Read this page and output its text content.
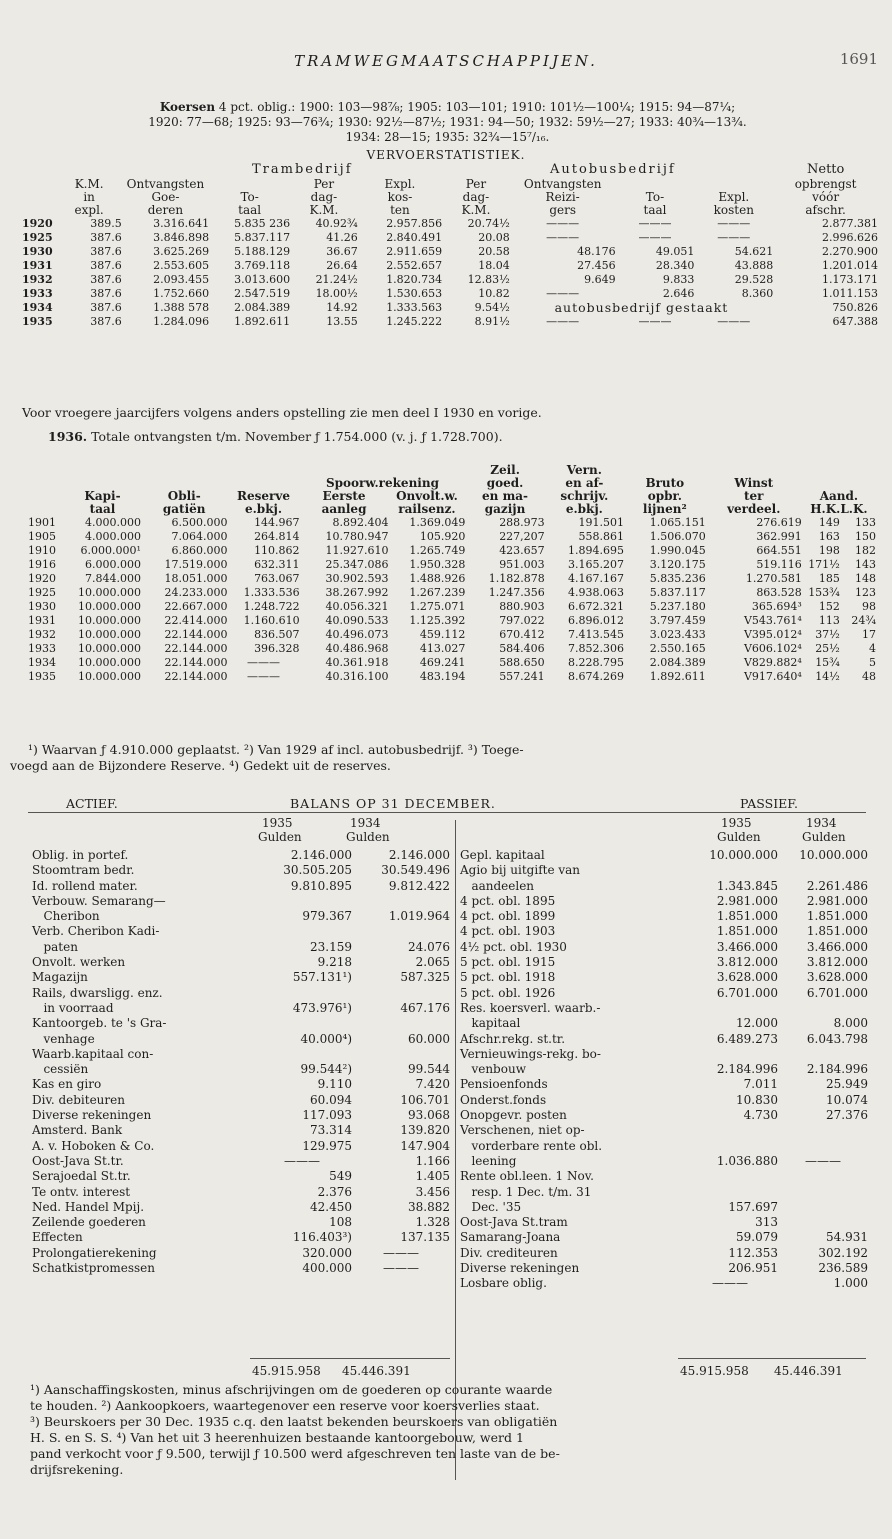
TRAMWEGMAATSCHAPPIJEN.	1691
Koersen 4 pct. oblig.: 1900: 103—98⅞; 1905: 103—101; 1910: 101½—100¼; 1915: 94—87¼;
1920: 77—68; 1925: 93—76¾; 1930: 92½—87½; 1931: 94—50; 1932: 59½—27; 1933: 40¾—13¾.
1934: 28—15; 1935: 32¾—15⁷/₁₆.
VERVOERSTATISTIEK.
Trambedrijf	Autobusbedrijf	Netto
	K.M.	Ontvangsten		Per	Expl.	Per	Ontvangsten			opbrengst
	in	Goe-	To-	dag-	kos-	dag-	Reizi-	To-	Expl.	vóór
	expl.	deren	taal	K.M.	ten	K.M.	gers	taal	kosten	afschr.
1920	389.5	3.316.641	5.835 236	40.92¾	2.957.856	20.74½	———	———	———	2.877.381
1925	387.6	3.846.898	5.837.117	41.26	2.840.491	20.08	———	———	———	2.996.626
1930	387.6	3.625.269	5.188.129	36.67	2.911.659	20.58	48.176	49.051	54.621	2.270.900
1931	387.6	2.553.605	3.769.118	26.64	2.552.657	18.04	27.456	28.340	43.888	1.201.014
1932	387.6	2.093.455	3.013.600	21.24½	1.820.734	12.83½	9.649	9.833	29.528	1.173.171
1933	387.6	1.752.660	2.547.519	18.00½	1.530.653	10.82	———	2.646	8.360	1.011.153
1934	387.6	1.388 578	2.084.389	14.92	1.333.563	9.54½	autobusbedrijf gestaakt			750.826
1935	387.6	1.284.096	1.892.611	13.55	1.245.222	8.91½	———	———	———	647.388
Voor vroegere jaarcijfers volgens anders opstelling zie men deel I 1930 en vorige.
1936. Totale ontvangsten t/m. November ƒ 1.754.000 (v. j. ƒ 1.728.700).
						Zeil.	Vern.				
				Spoorw.rekening		goed.	en af-	Bruto	Winst		
	Kapi-	Obli-	Reserve	Eerste	Onvolt.w.	en ma-	schrijv.	opbr.	ter	Aand.	
	taal	gatiën	e.bkj.	aanleg	railsenz.	gazijn	e.bkj.	lijnen²	verdeel.	H.K.L.K.	
1901	4.000.000	6.500.000	144.967	8.892.404	1.369.049	288.973	191.501	1.065.151	276.619	149	133
1905	4.000.000	7.064.000	264.814	10.780.947	105.920	227,207	558.861	1.506.070	362.991	163	150
1910	6.000.000¹	6.860.000	110.862	11.927.610	1.265.749	423.657	1.894.695	1.990.045	664.551	198	182
1916	6.000.000	17.519.000	632.311	25.347.086	1.950.328	951.003	3.165.207	3.120.175	519.116	171½	143
1920	7.844.000	18.051.000	763.067	30.902.593	1.488.926	1.182.878	4.167.167	5.835.236	1.270.581	185	148
1925	10.000.000	24.233.000	1.333.536	38.267.992	1.267.239	1.247.356	4.938.063	5.837.117	863.528	153¾	123
1930	10.000.000	22.667.000	1.248.722	40.056.321	1.275.071	880.903	6.672.321	5.237.180	365.694³	152	98
1931	10.000.000	22.414.000	1.160.610	40.090.533	1.125.392	797.022	6.896.012	3.797.459	V543.761⁴	113	24¾
1932	10.000.000	22.144.000	836.507	40.496.073	459.112	670.412	7.413.545	3.023.433	V395.012⁴	37½	17
1933	10.000.000	22.144.000	396.328	40.486.968	413.027	584.406	7.852.306	2.550.165	V606.102⁴	25½	4
1934	10.000.000	22.144.000	———	40.361.918	469.241	588.650	8.228.795	2.084.389	V829.882⁴	15¾	5
1935	10.000.000	22.144.000	———	40.316.100	483.194	557.241	8.674.269	1.892.611	V917.640⁴	14½	48
¹) Waarvan ƒ 4.910.000 geplaatst. ²) Van 1929 af incl. autobusbedrijf. ³) Toege-
voegd aan de Bijzondere Reserve. ⁴) Gedekt uit de reserves.
ACTIEF.	BALANS OP 31 DECEMBER.	PASSIEF.
1935	1934
Gulden	Gulden
1935	1934
Gulden	Gulden
Oblig. in portef.	2.146.000	2.146.000
Stoomtram bedr.	30.505.205	30.549.496
Id. rollend mater.	9.810.895	9.812.422
Verbouw. Semarang—		
Cheribon	979.367	1.019.964
Verb. Cheribon Kadi-		
paten	23.159	24.076
Onvolt. werken	9.218	2.065
Magazijn	557.131¹)	587.325
Rails, dwarsligg. enz.		
in voorraad	473.976¹)	467.176
Kantoorgeb. te 's Gra-		
venhage	40.000⁴)	60.000
Waarb.kapitaal con-		
cessiën	99.544²)	99.544
Kas en giro	9.110	7.420
Div. debiteuren	60.094	106.701
Diverse rekeningen	117.093	93.068
Amsterd. Bank	73.314	139.820
A. v. Hoboken & Co.	129.975	147.904
Oost-Java St.tr.	———	1.166
Serajoedal St.tr.	549	1.405
Te ontv. interest	2.376	3.456
Ned. Handel Mpij.	42.450	38.882
Zeilende goederen	108	1.328
Effecten	116.403³)	137.135
Prolongatierekening	320.000	———
Schatkistpromessen	400.000	———
Gepl. kapitaal	10.000.000	10.000.000
Agio bij uitgifte van		
aandeelen	1.343.845	2.261.486
4 pct. obl. 1895	2.981.000	2.981.000
4 pct. obl. 1899	1.851.000	1.851.000
4 pct. obl. 1903	1.851.000	1.851.000
4½ pct. obl. 1930	3.466.000	3.466.000
5 pct. obl. 1915	3.812.000	3.812.000
5 pct. obl. 1918	3.628.000	3.628.000
5 pct. obl. 1926	6.701.000	6.701.000
Res. koersverl. waarb.-		
kapitaal	12.000	8.000
Afschr.rekg. st.tr.	6.489.273	6.043.798
Vernieuwings-rekg. bo-		
venbouw	2.184.996	2.184.996
Pensioenfonds	7.011	25.949
Onderst.fonds	10.830	10.074
Onopgevr. posten	4.730	27.376
Verschenen, niet op-		
vorderbare rente obl.		
leening	1.036.880	———
Rente obl.leen. 1 Nov.		
resp. 1 Dec. t/m. 31		
Dec. '35	157.697	
Oost-Java St.tram	313	
Samarang-Joana	59.079	54.931
Div. crediteuren	112.353	302.192
Diverse rekeningen	206.951	236.589
Losbare oblig.	———	1.000
45.915.958 45.446.391	45.915.958 45.446.391
¹) Aanschaffingskosten, minus afschrijvingen om de goederen op courante waarde
te houden. ²) Aankoopkoers, waartegenover een reserve voor koersverlies staat.
³) Beurskoers per 30 Dec. 1935 c.q. den laatst bekenden beurskoers van obligatiën
H. S. en S. S. ⁴) Van het uit 3 heerenhuizen bestaande kantoorgebouw, werd 1
pand verkocht voor ƒ 9.500, terwijl ƒ 10.500 werd afgeschreven ten laste van de be-
drijfsrekening.
